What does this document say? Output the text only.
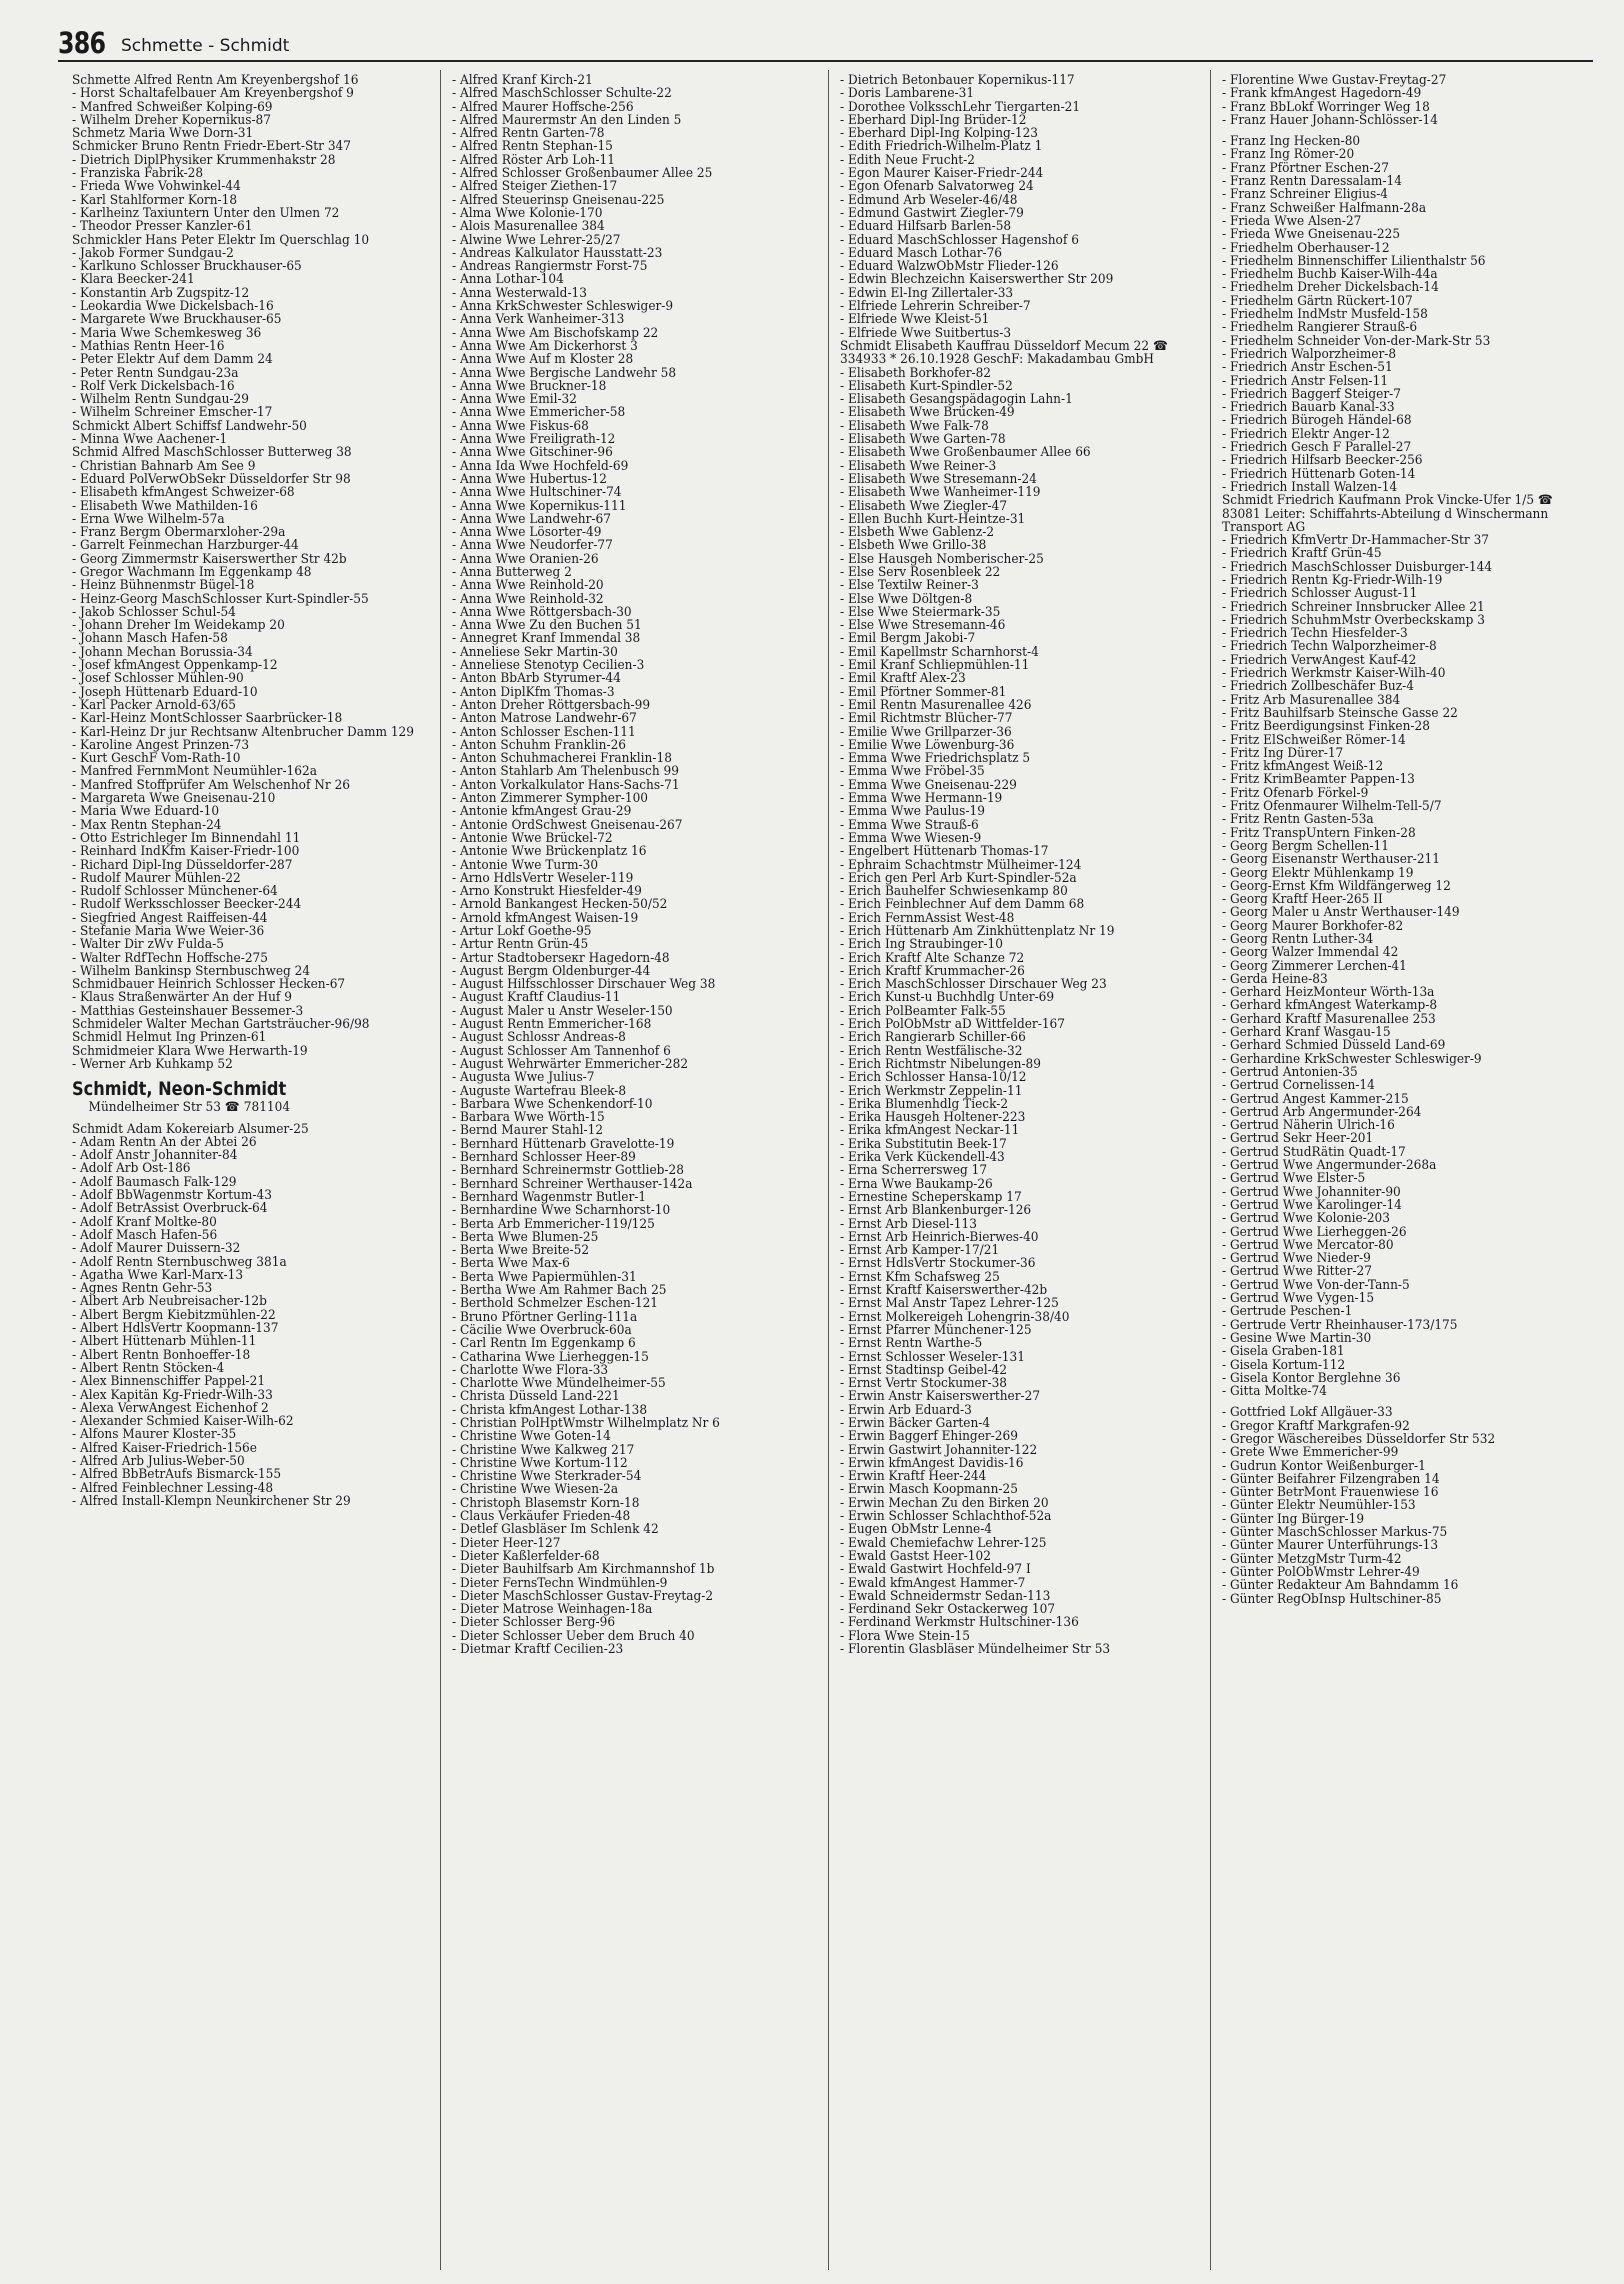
386 Schmette - Schmidt

Schmette Alfred Rentn Am Kreyenbergshof 16

- Horst Schaltafelbauer Am Kreyenbergshof 9

- Manfred Schweißer Kolping-69

- Wilhelm Dreher Kopernikus-87

Schmetz Maria Wwe Dorn-31

Schmicker Bruno Rentn Friedr-Ebert-Str 347

- Dietrich DiplPhysiker Krummenhakstr 28

- Franziska Fabrik-28

- Frieda Wwe Vohwinkel-44

- Karl Stahlformer Korn-18

- Karlheinz Taxiuntern Unter den Ulmen 72

- Theodor Presser Kanzler-61

Schmickler Hans Peter Elektr Im Querschlag 10

- Jakob Former Sundgau-2

- Karlkuno Schlosser Bruckhauser-65

- Klara Beecker-241

- Konstantin Arb Zugspitz-12

- Leokardia Wwe Dickelsbach-16

- Margarete Wwe Bruckhauser-65

- Maria Wwe Schemkesweg 36

- Mathias Rentn Heer-16

- Peter Elektr Auf dem Damm 24

- Peter Rentn Sundgau-23a

- Rolf Verk Dickelsbach-16

- Wilhelm Rentn Sundgau-29

- Wilhelm Schreiner Emscher-17

Schmickt Albert Schiffsf Landwehr-50

- Minna Wwe Aachener-1

Schmid Alfred MaschSchlosser Butterweg 38

- Christian Bahnarb Am See 9

- Eduard PolVerwObSekr Düsseldorfer Str 98

- Elisabeth kfmAngest Schweizer-68

- Elisabeth Wwe Mathilden-16

- Erna Wwe Wilhelm-57a

- Franz Bergm Obermarxloher-29a

- Garrelt Feinmechan Harzburger-44

- Georg Zimmermstr Kaiserswerther Str 42b

- Gregor Wachmann Im Eggenkamp 48

- Heinz Bühnenmstr Bügel-18

- Heinz-Georg MaschSchlosser Kurt-Spindler-55

- Jakob Schlosser Schul-54

- Johann Dreher Im Weidekamp 20

- Johann Masch Hafen-58

- Johann Mechan Borussia-34

- Josef kfmAngest Oppenkamp-12

- Josef Schlosser Mühlen-90

- Joseph Hüttenarb Eduard-10

- Karl Packer Arnold-63/65

- Karl-Heinz MontSchlosser Saarbrücker-18

- Karl-Heinz Dr jur Rechtsanw Altenbrucher Damm 129

- Karoline Angest Prinzen-73

- Kurt GeschF Vom-Rath-10

- Manfred FernmMont Neumühler-162a

- Manfred Stoffprüfer Am Welschenhof Nr 26

- Margareta Wwe Gneisenau-210

- Maria Wwe Eduard-10

- Max Rentn Stephan-24

- Otto Estrichleger Im Binnendahl 11

- Reinhard IndKfm Kaiser-Friedr-100

- Richard Dipl-Ing Düsseldorfer-287

- Rudolf Maurer Mühlen-22

- Rudolf Schlosser Münchener-64

- Rudolf Werksschlosser Beecker-244

- Siegfried Angest Raiffeisen-44

- Stefanie Maria Wwe Weier-36

- Walter Dir zWv Fulda-5

- Walter RdfTechn Hoffsche-275

- Wilhelm Bankinsp Sternbuschweg 24

Schmidbauer Heinrich Schlosser Hecken-67

- Klaus Straßenwärter An der Huf 9

- Matthias Gesteinshauer Bessemer-3

Schmideler Walter Mechan Gartsträucher-96/98

Schmidl Helmut Ing Prinzen-61

Schmidmeier Klara Wwe Herwarth-19

- Werner Arb Kuhkamp 52

Schmidt, Neon-Schmidt

Mündelheimer Str 53 ☎ 781104

Schmidt Adam Kokereiarb Alsumer-25

- Adam Rentn An der Abtei 26

- Adolf Anstr Johanniter-84

- Adolf Arb Ost-186

- Adolf Baumasch Falk-129

- Adolf BbWagenmstr Kortum-43

- Adolf BetrAssist Overbruck-64

- Adolf Kranf Moltke-80

- Adolf Masch Hafen-56

- Adolf Maurer Duissern-32

- Adolf Rentn Sternbuschweg 381a

- Agatha Wwe Karl-Marx-13

- Agnes Rentn Gehr-53

- Albert Arb Neubreisacher-12b

- Albert Bergm Kiebitzmühlen-22

- Albert HdlsVertr Koopmann-137

- Albert Hüttenarb Mühlen-11

- Albert Rentn Bonhoeffer-18

- Albert Rentn Stöcken-4

- Alex Binnenschiffer Pappel-21

- Alex Kapitän Kg-Friedr-Wilh-33

- Alexa VerwAngest Eichenhof 2

- Alexander Schmied Kaiser-Wilh-62

- Alfons Maurer Kloster-35

- Alfred Kaiser-Friedrich-156e

- Alfred Arb Julius-Weber-50

- Alfred BbBetrAufs Bismarck-155

- Alfred Feinblechner Lessing-48

- Alfred Install-Klempn Neunkirchener Str 29

- Alfred Kranf Kirch-21

- Alfred MaschSchlosser Schulte-22

- Alfred Maurer Hoffsche-256

- Alfred Maurermstr An den Linden 5

- Alfred Rentn Garten-78

- Alfred Rentn Stephan-15

- Alfred Röster Arb Loh-11

- Alfred Schlosser Großenbaumer Allee 25

- Alfred Steiger Ziethen-17

- Alfred Steuerinsp Gneisenau-225

- Alma Wwe Kolonie-170

- Alois Masurenallee 384

- Alwine Wwe Lehrer-25/27

- Andreas Kalkulator Hausstatt-23

- Andreas Rangiermstr Forst-75

- Anna Lothar-104

- Anna Westerwald-13

- Anna KrkSchwester Schleswiger-9

- Anna Verk Wanheimer-313

- Anna Wwe Am Bischofskamp 22

- Anna Wwe Am Dickerhorst 3

- Anna Wwe Auf m Kloster 28

- Anna Wwe Bergische Landwehr 58

- Anna Wwe Bruckner-18

- Anna Wwe Emil-32

- Anna Wwe Emmericher-58

- Anna Wwe Fiskus-68

- Anna Wwe Freiligrath-12

- Anna Wwe Gitschiner-96

- Anna Ida Wwe Hochfeld-69

- Anna Wwe Hubertus-12

- Anna Wwe Hultschiner-74

- Anna Wwe Kopernikus-111

- Anna Wwe Landwehr-67

- Anna Wwe Lösorter-49

- Anna Wwe Neudorfer-77

- Anna Wwe Oranien-26

- Anna Butterweg 2

- Anna Wwe Reinhold-20

- Anna Wwe Reinhold-32

- Anna Wwe Röttgersbach-30

- Anna Wwe Zu den Buchen 51

- Annegret Kranf Immendal 38

- Anneliese Sekr Martin-30

- Anneliese Stenotyp Cecilien-3

- Anton BbArb Styrumer-44

- Anton DiplKfm Thomas-3

- Anton Dreher Röttgersbach-99

- Anton Matrose Landwehr-67

- Anton Schlosser Eschen-111

- Anton Schuhm Franklin-26

- Anton Schuhmacherei Franklin-18

- Anton Stahlarb Am Thelenbusch 99

- Anton Vorkalkulator Hans-Sachs-71

- Anton Zimmerer Sympher-100

- Antonie kfmAngest Grau-29

- Antonie OrdSchwest Gneisenau-267

- Antonie Wwe Brückel-72

- Antonie Wwe Brückenplatz 16

- Antonie Wwe Turm-30

- Arno HdlsVertr Weseler-119

- Arno Konstrukt Hiesfelder-49

- Arnold Bankangest Hecken-50/52

- Arnold kfmAngest Waisen-19

- Artur Lokf Goethe-95

- Artur Rentn Grün-45

- Artur Stadtoberseкr Hagedorn-48

- August Bergm Oldenburger-44

- August Hilfsschlosser Dirschauer Weg 38

- August Kraftf Claudius-11

- August Maler u Anstr Weseler-150

- August Rentn Emmericher-168

- August Schlossr Andreas-8

- August Schlosser Am Tannenhof 6

- August Wehrwärter Emmericher-282

- Augusta Wwe Julius-7

- Auguste Wartefrau Bleek-8

- Barbara Wwe Schenkendorf-10

- Barbara Wwe Wörth-15

- Bernd Maurer Stahl-12

- Bernhard Hüttenarb Gravelotte-19

- Bernhard Schlosser Heer-89

- Bernhard Schreinermstr Gottlieb-28

- Bernhard Schreiner Werthauser-142a

- Bernhard Wagenmstr Butler-1

- Bernhardine Wwe Scharnhorst-10

- Berta Arb Emmericher-119/125

- Berta Wwe Blumen-25

- Berta Wwe Breite-52

- Berta Wwe Max-6

- Berta Wwe Papiermühlen-31

- Bertha Wwe Am Rahmer Bach 25

- Berthold Schmelzer Eschen-121

- Bruno Pförtner Gerling-111a

- Cäcilie Wwe Overbruck-60a

- Carl Rentn Im Eggenkamp 6

- Catharina Wwe Lierheggen-15

- Charlotte Wwe Flora-33

- Charlotte Wwe Mündelheimer-55

- Christa Düsseld Land-221

- Christa kfmAngest Lothar-138

- Christian PolHptWmstr Wilhelmplatz Nr 6

- Christine Wwe Goten-14

- Christine Wwe Kalkweg 217

- Christine Wwe Kortum-112

- Christine Wwe Sterkrader-54

- Christine Wwe Wiesen-2a

- Christoph Blasemstr Korn-18

- Claus Verkäufer Frieden-48

- Detlef Glasbläser Im Schlenk 42

- Dieter Heer-127

- Dieter Kaßlerfelder-68

- Dieter Bauhilfsarb Am Kirchmannshof 1b

- Dieter FernsTechn Windmühlen-9

- Dieter MaschSchlosser Gustav-Freytag-2

- Dieter Matrose Weinhagen-18a

- Dieter Schlosser Berg-96

- Dieter Schlosser Ueber dem Bruch 40

- Dietmar Kraftf Cecilien-23

- Dietrich Betonbauer Kopernikus-117

- Doris Lambarene-31

- Dorothee VolksschLehr Tiergarten-21

- Eberhard Dipl-Ing Brüder-12

- Eberhard Dipl-Ing Kolping-123

- Edith Friedrich-Wilhelm-Platz 1

- Edith Neue Frucht-2

- Egon Maurer Kaiser-Friedr-244

- Egon Ofenarb Salvatorweg 24

- Edmund Arb Weseler-46/48

- Edmund Gastwirt Ziegler-79

- Eduard Hilfsarb Barlen-58

- Eduard MaschSchlosser Hagenshof 6

- Eduard Masch Lothar-76

- Eduard WalzwObMstr Flieder-126

- Edwin Blechzeichn Kaiserswerther Str 209

- Edwin El-Ing Zillertaler-33

- Elfriede Lehrerin Schreiber-7

- Elfriede Wwe Kleist-51

- Elfriede Wwe Suitbertus-3

Schmidt Elisabeth Kauffrau Düsseldorf Mecum 22 ☎ 334933 * 26.10.1928 GeschF: Makadambau GmbH

- Elisabeth Borkhofer-82

- Elisabeth Kurt-Spindler-52

- Elisabeth Gesangspädagogin Lahn-1

- Elisabeth Wwe Brücken-49

- Elisabeth Wwe Falk-78

- Elisabeth Wwe Garten-78

- Elisabeth Wwe Großenbaumer Allee 66

- Elisabeth Wwe Reiner-3

- Elisabeth Wwe Stresemann-24

- Elisabeth Wwe Wanheimer-119

- Elisabeth Wwe Ziegler-47

- Ellen Buchh Kurt-Heintze-31

- Elsbeth Wwe Gablenz-2

- Elsbeth Wwe Grillo-38

- Else Hausgeh Nomberischer-25

- Else Serv Rosenbleek 22

- Else Textilw Reiner-3

- Else Wwe Döltgen-8

- Else Wwe Steiermark-35

- Else Wwe Stresemann-46

- Emil Bergm Jakobi-7

- Emil Kapellmstr Scharnhorst-4

- Emil Kranf Schliepmühlen-11

- Emil Kraftf Alex-23

- Emil Pförtner Sommer-81

- Emil Rentn Masurenallee 426

- Emil Richtmstr Blücher-77

- Emilie Wwe Grillparzer-36

- Emilie Wwe Löwenburg-36

- Emma Wwe Friedrichsplatz 5

- Emma Wwe Fröbel-35

- Emma Wwe Gneisenau-229

- Emma Wwe Hermann-19

- Emma Wwe Paulus-19

- Emma Wwe Strauß-6

- Emma Wwe Wiesen-9

- Engelbert Hüttenarb Thomas-17

- Ephraim Schachtmstr Mülheimer-124

- Erich gen Perl Arb Kurt-Spindler-52a

- Erich Bauhelfer Schwiesenkamp 80

- Erich Feinblechner Auf dem Damm 68

- Erich FernmAssist West-48

- Erich Hüttenarb Am Zinkhüttenplatz Nr 19

- Erich Ing Straubinger-10

- Erich Kraftf Alte Schanze 72

- Erich Kraftf Krummacher-26

- Erich MaschSchlosser Dirschauer Weg 23

- Erich Kunst-u Buchhdlg Unter-69

- Erich PolBeamter Falk-55

- Erich PolObMstr aD Wittfelder-167

- Erich Rangierarb Schiller-66

- Erich Rentn Westfälische-32

- Erich Richtmstr Nibelungen-89

- Erich Schlosser Hansa-10/12

- Erich Werkmstr Zeppelin-11

- Erika Blumenhdlg Tieck-2

- Erika Hausgeh Holtener-223

- Erika kfmAngest Neckar-11

- Erika Substitutin Beek-17

- Erika Verk Kückendell-43

- Erna Scherrersweg 17

- Erna Wwe Baukamp-26

- Ernestine Scheperskamp 17

- Ernst Arb Blankenburger-126

- Ernst Arb Diesel-113

- Ernst Arb Heinrich-Bierwes-40

- Ernst Arb Kamper-17/21

- Ernst HdlsVertr Stockumer-36

- Ernst Kfm Schafsweg 25

- Ernst Kraftf Kaiserswerther-42b

- Ernst Mal Anstr Tapez Lehrer-125

- Ernst Molkereigeh Lohengrin-38/40

- Ernst Pfarrer Münchener-125

- Ernst Rentn Warthe-5

- Ernst Schlosser Weseler-131

- Ernst Stadtinsp Geibel-42

- Ernst Vertr Stockumer-38

- Erwin Anstr Kaiserswerther-27

- Erwin Arb Eduard-3

- Erwin Bäcker Garten-4

- Erwin Baggerf Ehinger-269

- Erwin Gastwirt Johanniter-122

- Erwin kfmAngest Davidis-16

- Erwin Kraftf Heer-244

- Erwin Masch Koopmann-25

- Erwin Mechan Zu den Birken 20

- Erwin Schlosser Schlachthof-52a

- Eugen ObMstr Lenne-4

- Ewald Chemiefachw Lehrer-125

- Ewald Gastst Heer-102

- Ewald Gastwirt Hochfeld-97 I

- Ewald kfmAngest Hammer-7

- Ewald Schneidermstr Sedan-113

- Ferdinand Sekr Ostackerweg 107

- Ferdinand Werkmstr Hultschiner-136

- Flora Wwe Stein-15

- Florentin Glasbläser Mündelheimer Str 53

- Florentine Wwe Gustav-Freytag-27

- Frank kfmAngest Hagedorn-49

- Franz BbLokf Worringer Weg 18

- Franz Hauer Johann-Schlösser-14

- Franz Ing Hecken-80

- Franz Ing Römer-20

- Franz Pförtner Eschen-27

- Franz Rentn Daressalam-14

- Franz Schreiner Eligius-4

- Franz Schweißer Halfmann-28a

- Frieda Wwe Alsen-27

- Frieda Wwe Gneisenau-225

- Friedhelm Oberhauser-12

- Friedhelm Binnenschiffer Lilienthalstr 56

- Friedhelm Buchb Kaiser-Wilh-44a

- Friedhelm Dreher Dickelsbach-14

- Friedhelm Gärtn Rückert-107

- Friedhelm IndMstr Musfeld-158

- Friedhelm Rangierer Strauß-6

- Friedhelm Schneider Von-der-Mark-Str 53

- Friedrich Walporzheimer-8

- Friedrich Anstr Eschen-51

- Friedrich Anstr Felsen-11

- Friedrich Baggerf Steiger-7

- Friedrich Bauarb Kanal-33

- Friedrich Bürogeh Händel-68

- Friedrich Elektr Anger-12

- Friedrich Gesch F Parallel-27

- Friedrich Hilfsarb Beecker-256

- Friedrich Hüttenarb Goten-14

- Friedrich Install Walzen-14

Schmidt Friedrich Kaufmann Prok Vincke-Ufer 1/5 ☎ 83081 Leiter: Schiffahrts-Abteilung d Winschermann Transport AG

- Friedrich KfmVertr Dr-Hammacher-Str 37

- Friedrich Kraftf Grün-45

- Friedrich MaschSchlosser Duisburger-144

- Friedrich Rentn Kg-Friedr-Wilh-19

- Friedrich Schlosser August-11

- Friedrich Schreiner Innsbrucker Allee 21

- Friedrich SchuhmMstr Overbeckskamp 3

- Friedrich Techn Hiesfelder-3

- Friedrich Techn Walporzheimer-8

- Friedrich VerwAngest Kauf-42

- Friedrich Werkmstr Kaiser-Wilh-40

- Friedrich Zollbeschäfer Buz-4

- Fritz Arb Masurenallee 384

- Fritz Bauhilfsarb Steinsche Gasse 22

- Fritz Beerdigungsinst Finken-28

- Fritz ElSchweißer Römer-14

- Fritz Ing Dürer-17

- Fritz kfmAngest Weiß-12

- Fritz KrimBeamter Pappen-13

- Fritz Ofenarb Förkel-9

- Fritz Ofenmaurer Wilhelm-Tell-5/7

- Fritz Rentn Gasten-53a

- Fritz TranspUntern Finken-28

- Georg Bergm Schellen-11

- Georg Eisenanstr Werthauser-211

- Georg Elektr Mühlenkamp 19

- Georg-Ernst Kfm Wildfängerweg 12

- Georg Kraftf Heer-265 II

- Georg Maler u Anstr Werthauser-149

- Georg Maurer Borkhofer-82

- Georg Rentn Luther-34

- Georg Walzer Immendal 42

- Georg Zimmerer Lerchen-41

- Gerda Heine-83

- Gerhard HeizMonteur Wörth-13a

- Gerhard kfmAngest Waterkamp-8

- Gerhard Kraftf Masurenallee 253

- Gerhard Kranf Wasgau-15

- Gerhard Schmied Düsseld Land-69

- Gerhardine KrkSchwester Schleswiger-9

- Gertrud Antonien-35

- Gertrud Cornelissen-14

- Gertrud Angest Kammer-215

- Gertrud Arb Angermunder-264

- Gertrud Näherin Ulrich-16

- Gertrud Sekr Heer-201

- Gertrud StudRätin Quadt-17

- Gertrud Wwe Angermunder-268a

- Gertrud Wwe Elster-5

- Gertrud Wwe Johanniter-90

- Gertrud Wwe Karolinger-14

- Gertrud Wwe Kolonie-203

- Gertrud Wwe Lierheggen-26

- Gertrud Wwe Mercator-80

- Gertrud Wwe Nieder-9

- Gertrud Wwe Ritter-27

- Gertrud Wwe Von-der-Tann-5

- Gertrud Wwe Vygen-15

- Gertrude Peschen-1

- Gertrude Vertr Rheinhauser-173/175

- Gesine Wwe Martin-30

- Gisela Graben-181

- Gisela Kortum-112

- Gisela Kontor Berglehne 36

- Gitta Moltke-74

- Gottfried Lokf Allgäuer-33

- Gregor Kraftf Markgrafen-92

- Gregor Wäschereibes Düsseldorfer Str 532

- Grete Wwe Emmericher-99

- Gudrun Kontor Weißenburger-1

- Günter Beifahrer Filzengraben 14

- Günter BetrMont Frauenwiese 16

- Günter Elektr Neumühler-153

- Günter Ing Bürger-19

- Günter MaschSchlosser Markus-75

- Günter Maurer Unterführungs-13

- Günter MetzgMstr Turm-42

- Günter PolObWmstr Lehrer-49

- Günter Redakteur Am Bahndamm 16

- Günter RegObInsp Hultschiner-85
